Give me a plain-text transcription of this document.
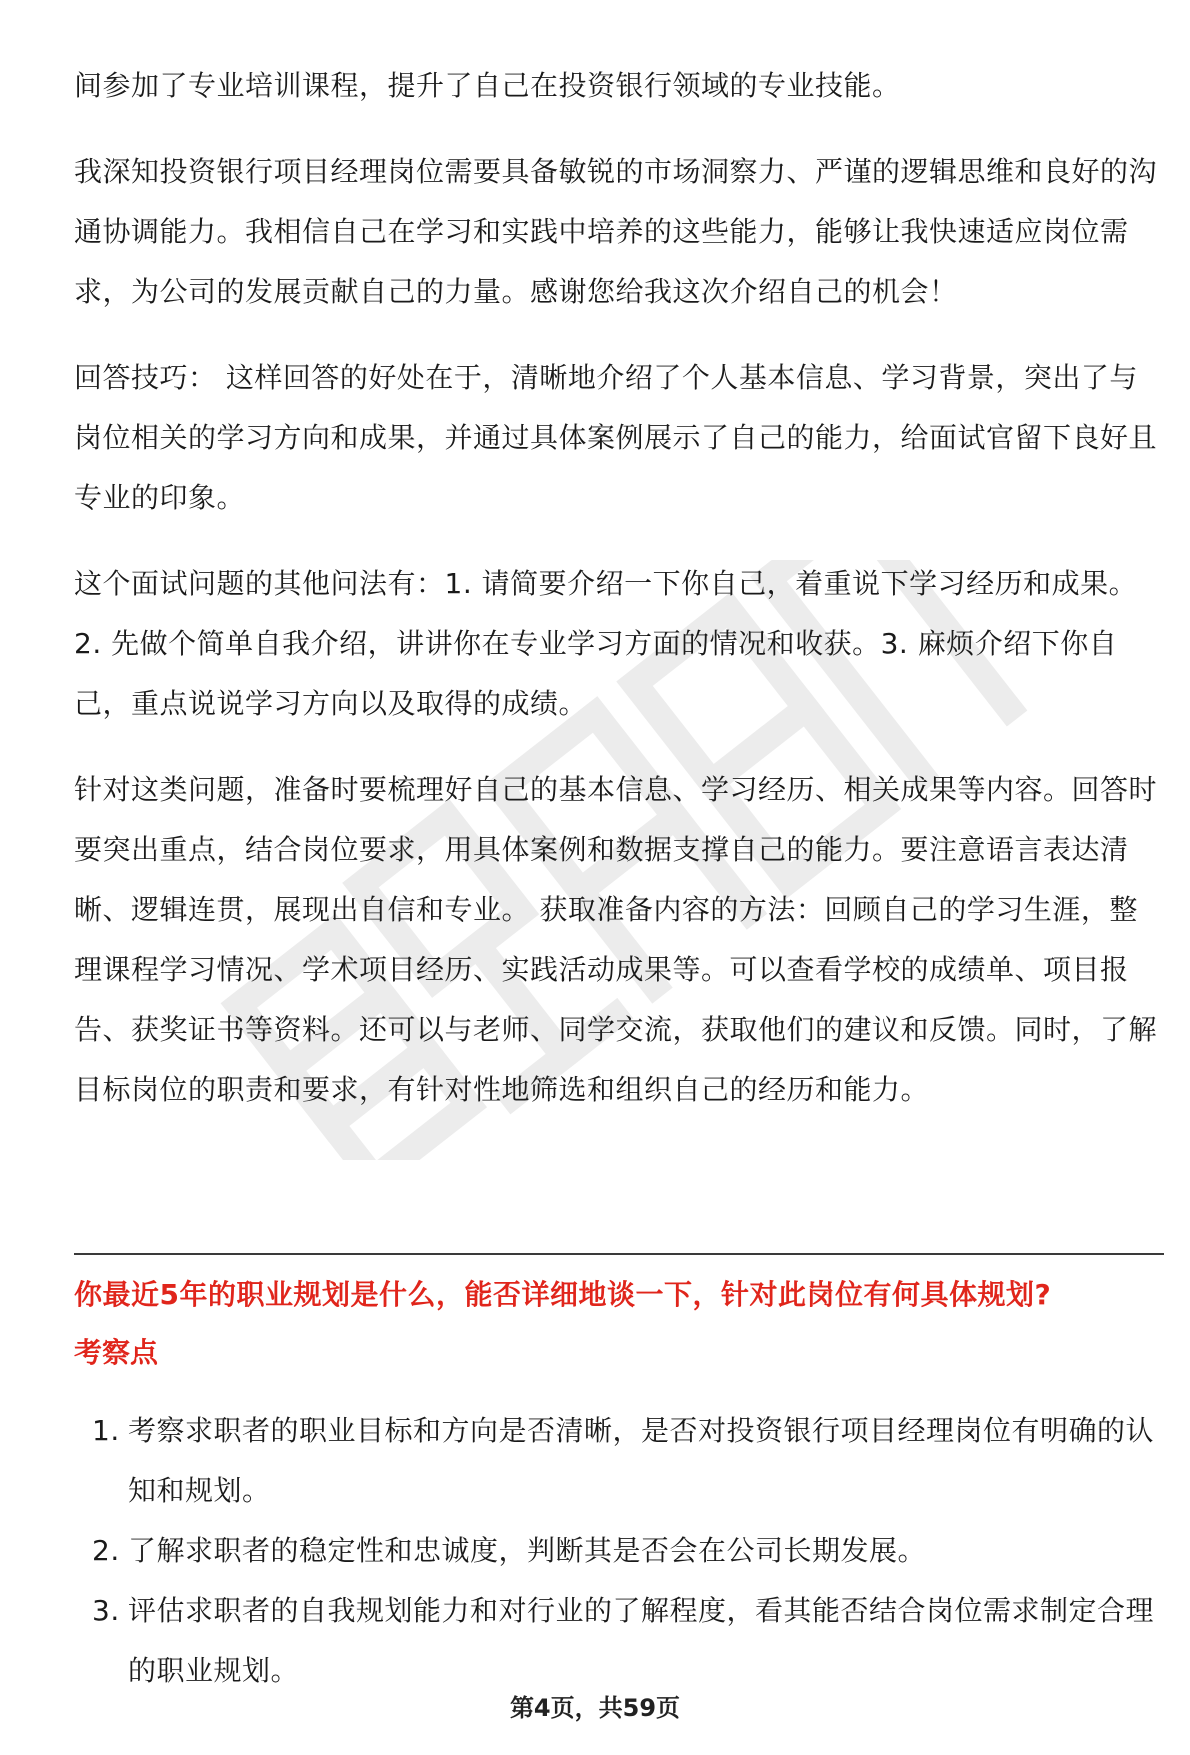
间参加了专业培训课程，提升了自己在投资银行领域的专业技能。

我深知投资银行项目经理岗位需要具备敏锐的市场洞察力、严谨的逻辑思维和良好的沟通协调能力。我相信自己在学习和实践中培养的这些能力，能够让我快速适应岗位需求，为公司的发展贡献自己的力量。感谢您给我这次介绍自己的机会！

回答技巧： 这样回答的好处在于，清晰地介绍了个人基本信息、学习背景，突出了与岗位相关的学习方向和成果，并通过具体案例展示了自己的能力，给面试官留下良好且专业的印象。

这个面试问题的其他问法有：1. 请简要介绍一下你自己，着重说下学习经历和成果。2. 先做个简单自我介绍，讲讲你在专业学习方面的情况和收获。3. 麻烦介绍下你自己，重点说说学习方向以及取得的成绩。

针对这类问题，准备时要梳理好自己的基本信息、学习经历、相关成果等内容。回答时要突出重点，结合岗位要求，用具体案例和数据支撑自己的能力。要注意语言表达清晰、逻辑连贯，展现出自信和专业。 获取准备内容的方法：回顾自己的学习生涯，整理课程学习情况、学术项目经历、实践活动成果等。可以查看学校的成绩单、项目报告、获奖证书等资料。还可以与老师、同学交流，获取他们的建议和反馈。同时，了解目标岗位的职责和要求，有针对性地筛选和组织自己的经历和能力。

你最近5年的职业规划是什么，能否详细地谈一下，针对此岗位有何具体规划?
考察点
1. 考察求职者的职业目标和方向是否清晰，是否对投资银行项目经理岗位有明确的认知和规划。
2. 了解求职者的稳定性和忠诚度，判断其是否会在公司长期发展。
3. 评估求职者的自我规划能力和对行业的了解程度，看其能否结合岗位需求制定合理的职业规划。
第4页，共59页
